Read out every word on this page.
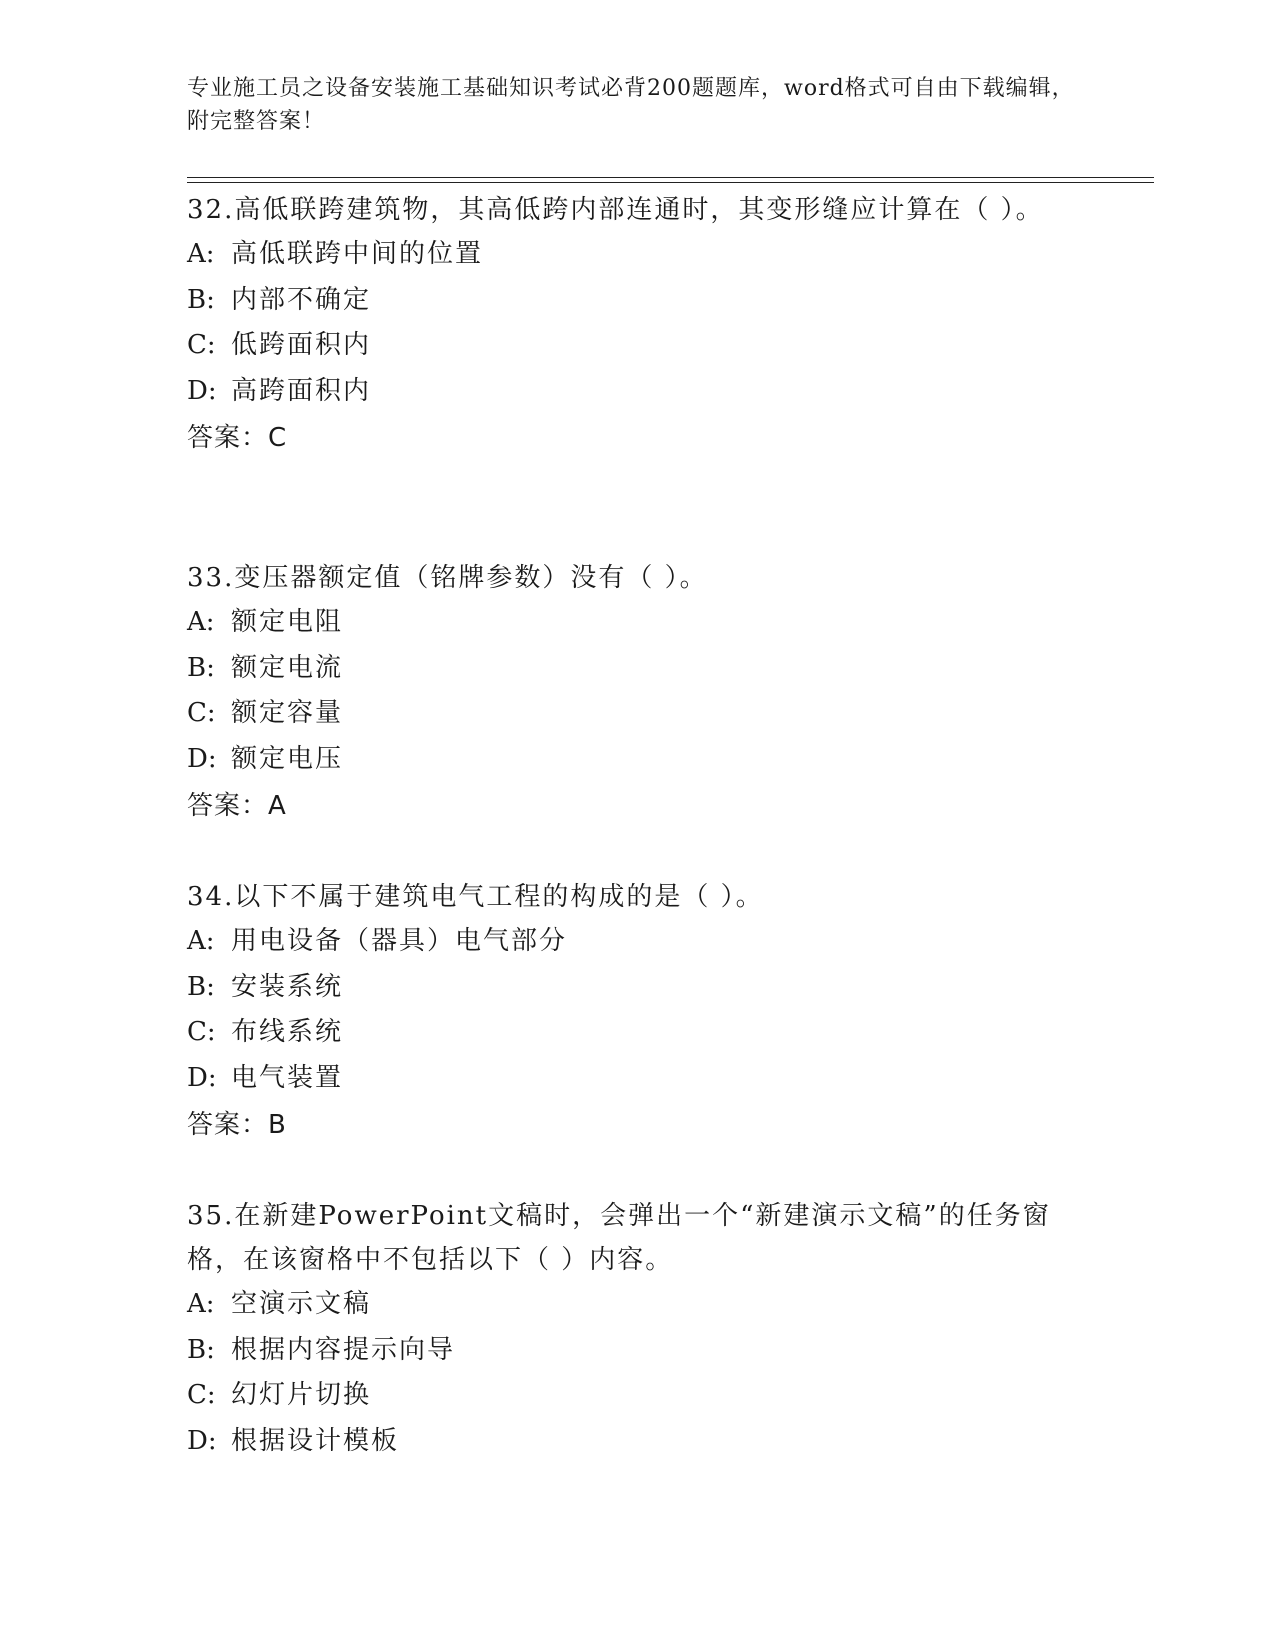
专业施工员之设备安装施工基础知识考试必背200题题库，word格式可自由下载编辑，附完整答案！

32.高低联跨建筑物，其高低跨内部连通时，其变形缝应计算在（ ）。

A: 高低联跨中间的位置

B: 内部不确定

C: 低跨面积内

D: 高跨面积内

答案：C

33.变压器额定值（铭牌参数）没有（ ）。

A: 额定电阻

B: 额定电流

C: 额定容量

D: 额定电压

答案：A

34.以下不属于建筑电气工程的构成的是（ ）。

A: 用电设备（器具）电气部分

B: 安装系统

C: 布线系统

D: 电气装置

答案：B

35.在新建PowerPoint文稿时，会弹出一个“新建演示文稿”的任务窗格，在该窗格中不包括以下（ ）内容。

A: 空演示文稿

B: 根据内容提示向导

C: 幻灯片切换

D: 根据设计模板
